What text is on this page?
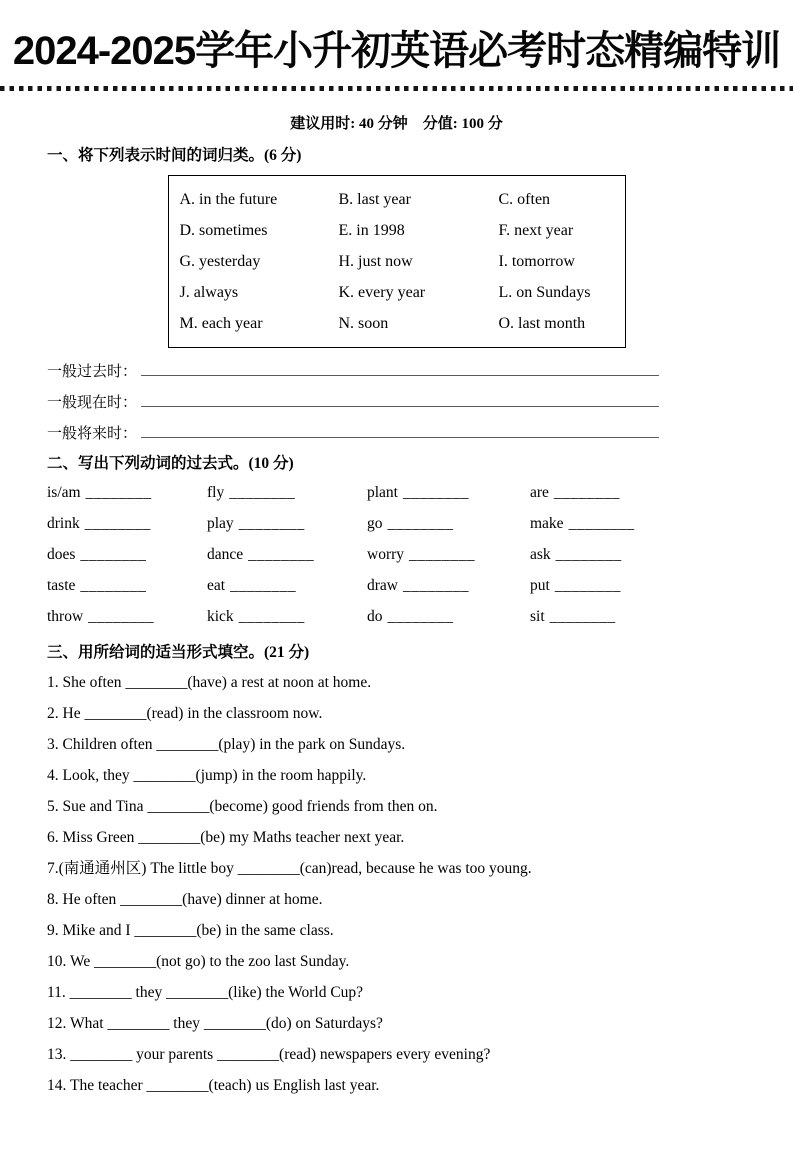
2024-2025学年小升初英语必考时态精编特训
建议用时: 40 分钟　分值: 100 分
一、将下列表示时间的词归类。(6 分)
A. in the future	B. last year	C. often
D. sometimes	E. in 1998	F. next year
G. yesterday	H. just now	I. tomorrow
J. always	K. every year	L. on Sundays
M. each year	N. soon	O. last month
一般过去时：
一般现在时：
一般将来时：
二、写出下列动词的过去式。(10 分)
is/am ________	fly ________	plant ________	are ________
drink ________	play ________	go ________	make ________
does ________	dance ________	worry ________	ask ________
taste ________	eat ________	draw ________	put ________
throw ________	kick ________	do ________	sit ________
三、用所给词的适当形式填空。(21 分)

1. She often ________(have) a rest at noon at home.

2. He ________(read) in the classroom now.

3. Children often ________(play) in the park on Sundays.

4. Look, they ________(jump) in the room happily.

5. Sue and Tina ________(become) good friends from then on.

6. Miss Green ________(be) my Maths teacher next year.

7.(南通通州区) The little boy ________(can)read, because he was too young.

8. He often ________(have) dinner at home.

9. Mike and I ________(be) in the same class.

10. We ________(not go) to the zoo last Sunday.

11. ________ they ________(like) the World Cup?

12. What ________ they ________(do) on Saturdays?

13. ________ your parents ________(read) newspapers every evening?

14. The teacher ________(teach) us English last year.
